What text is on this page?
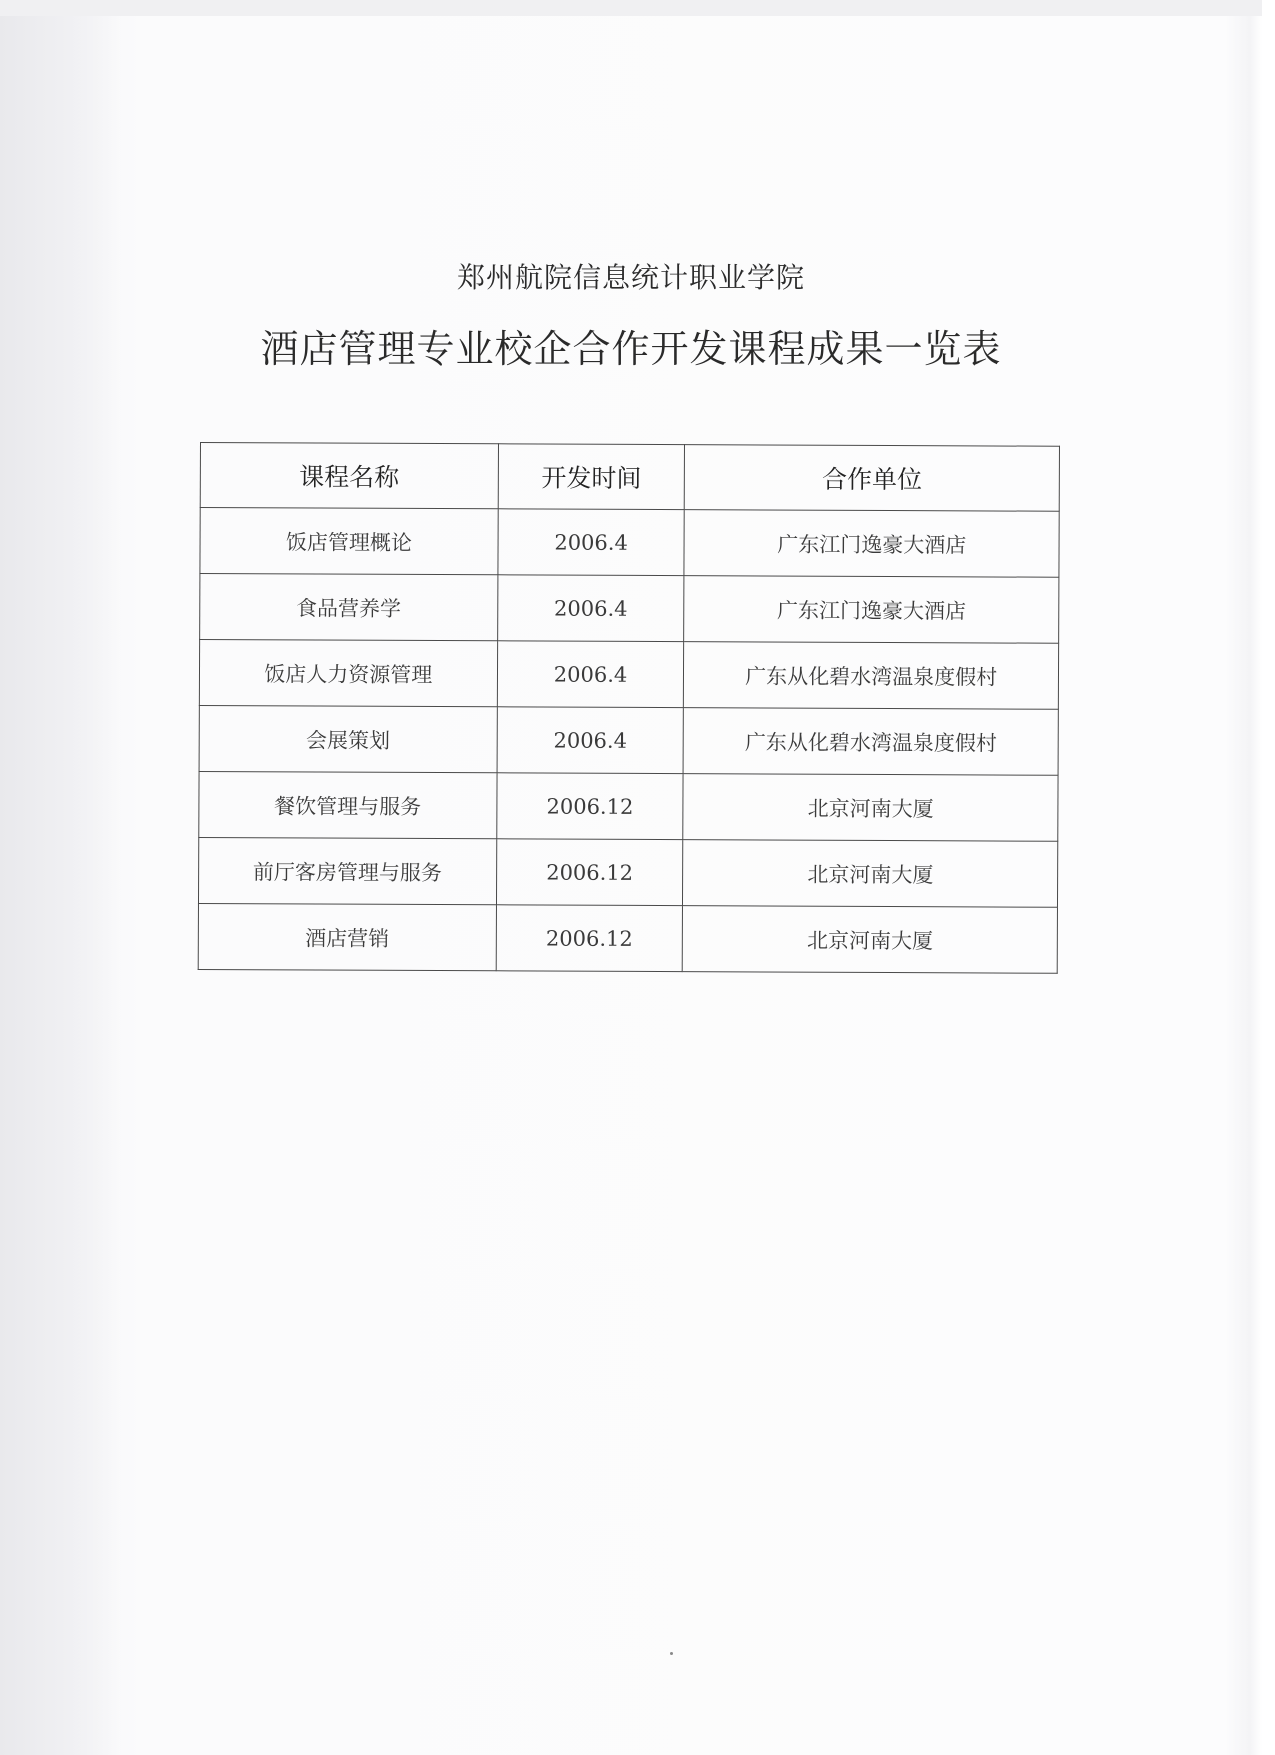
郑州航院信息统计职业学院
酒店管理专业校企合作开发课程成果一览表
课程名称	开发时间	合作单位
饭店管理概论	2006.4	广东江门逸豪大酒店
食品营养学	2006.4	广东江门逸豪大酒店
饭店人力资源管理	2006.4	广东从化碧水湾温泉度假村
会展策划	2006.4	广东从化碧水湾温泉度假村
餐饮管理与服务	2006.12	北京河南大厦
前厅客房管理与服务	2006.12	北京河南大厦
酒店营销	2006.12	北京河南大厦
